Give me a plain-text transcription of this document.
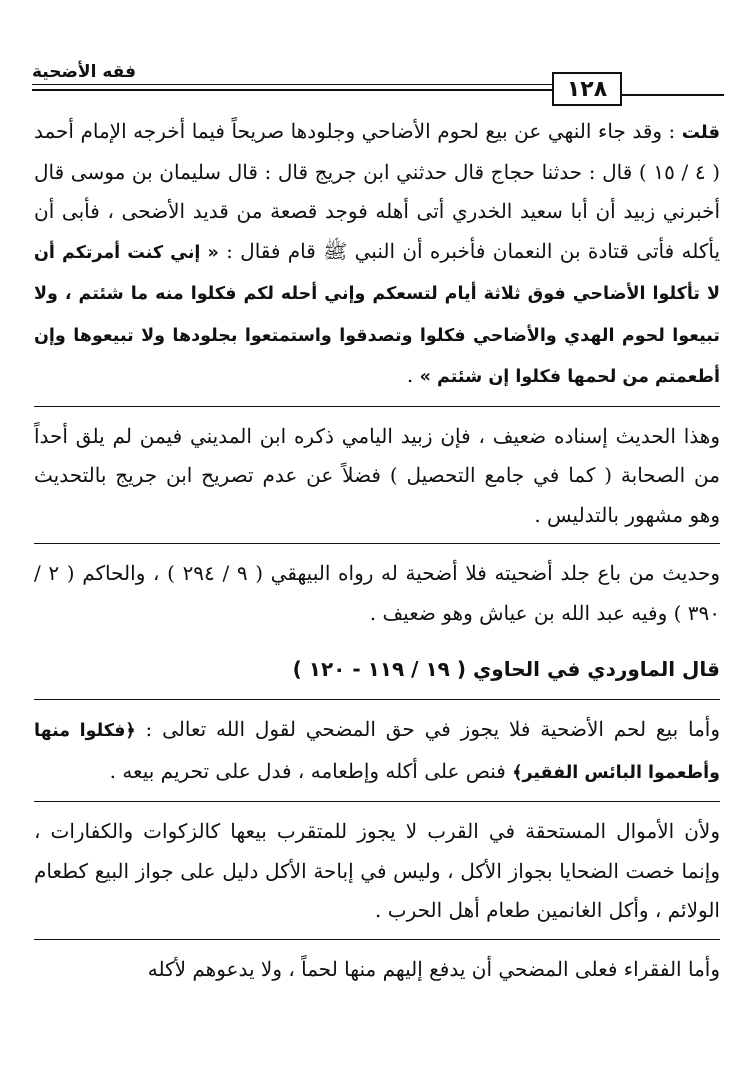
فقه الأضحية
١٢٨

قلت : وقد جاء النهي عن بيع لحوم الأضاحي وجلودها صريحاً فيما أخرجه الإمام أحمد ( ٤ / ١٥ ) قال : حدثنا حجاج قال حدثني ابن جريج قال : قال سليمان بن موسى قال أخبرني زبيد أن أبا سعيد الخدري أتى أهله فوجد قصعة من قديد الأضحى ، فأبى أن يأكله فأتى قتادة بن النعمان فأخبره أن النبي ﷺ قام فقال : « إني كنت أمرتكم أن لا تأكلوا الأضاحي فوق ثلاثة أيام لتسعكم وإني أحله لكم فكلوا منه ما شئتم ، ولا تبيعوا لحوم الهدي والأضاحي فكلوا وتصدقوا واستمتعوا بجلودها ولا تبيعوها وإن أطعمتم من لحمها فكلوا إن شئتم » .

وهذا الحديث إسناده ضعيف ، فإن زبيد اليامي ذكره ابن المديني فيمن لم يلق أحداً من الصحابة ( كما في جامع التحصيل ) فضلاً عن عدم تصريح ابن جريج بالتحديث وهو مشهور بالتدليس .

وحديث من باع جلد أضحيته فلا أضحية له رواه البيهقي ( ٩ / ٢٩٤ ) ، والحاكم ( ٢ / ٣٩٠ ) وفيه عبد الله بن عياش وهو ضعيف .

قال الماوردي في الحاوي ( ١٩ / ١١٩ - ١٢٠ )

وأما بيع لحم الأضحية فلا يجوز في حق المضحي لقول الله تعالى : ﴿فكلوا منها وأطعموا البائس الفقير﴾ فنص على أكله وإطعامه ، فدل على تحريم بيعه .

ولأن الأموال المستحقة في القرب لا يجوز للمتقرب بيعها كالزكوات والكفارات ، وإنما خصت الضحايا بجواز الأكل ، وليس في إباحة الأكل دليل على جواز البيع كطعام الولائم ، وأكل الغانمين طعام أهل الحرب .

وأما الفقراء فعلى المضحي أن يدفع إليهم منها لحماً ، ولا يدعوهم لأكله
